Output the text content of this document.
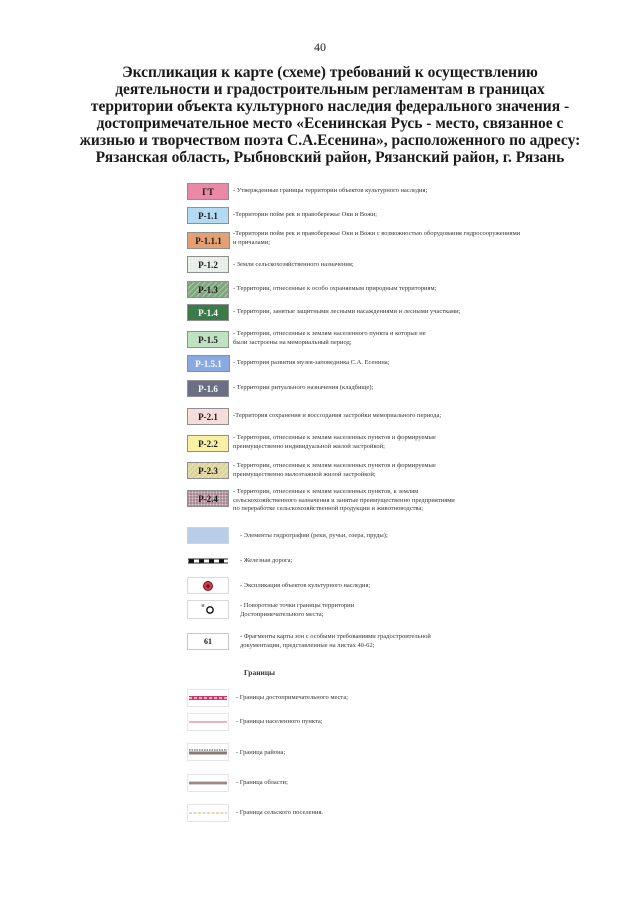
40
Экспликация к карте (схеме) требований к осуществлению деятельности и градостроительным регламентам в границах территории объекта культурного наследия федерального значения - достопримечательное место «Есенинская Русь - место, связанное с жизнью и творчеством поэта С.А.Есенина», расположенного по адресу: Рязанская область, Рыбновский район, Рязанский район, г. Рязань
ГТ	- Утвержденные границы территории объектов культурного наследия;
Р-1.1 -Территории пойм рек и правобережье Оки и Вожи;
Р-1.1.1
-Территории пойм рек и правобережье Оки и Вожи с возможностью оборудования гидросооружениями и причалами;
Р-1.2 - Земли сельскохозяйственного назначения;
Р-1.3 - Территории, отнесенные к особо охраняемым природным территориям;
Р-1.4 - Территории, занятые защитными лесными насаждениями и лесными участками;
Р-1.5
- Территории, отнесенные к землям населенного пункта и которые не были застроены на мемориальный период;
Р-1.5.1 - Территория развития музея-заповедника С.А. Есенина;
Р-1.6 - Территории ритуального назначения (кладбище);
Р-2.1 -Территория сохранения и воссоздания застройки мемориального периода;
Р-2.2
- Территории, отнесенные к землям населенных пунктов и формируемые преимущественно индивидуальной жилой застройкой;
Р-2.3 - Территории, отнесенные к землям населенных пунктов и формируемые преимущественно малоэтажной жилой застройкой;
Р-2.4
- Территории, отнесенные к землям населенных пунктов, к землям сельскохозяйственного назначения и занятые преимущественно предприятиями по переработке сельскохозяйственной продукции и животноводства;
- Элементы гидрографии (реки, ручьи, озера, пруды);
- Железная дорога;
- Экспликация объектов культурного наследия;
н	- Поворотные точки границы территории Достопримечательного места;
61
- Фрагменты карты зон с особыми требованиями градостроительной документации, представленные на листах 40-62;
Границы
- Границы достопримечательного места;
- Границы населенного пункта;
- Граница района;
- Граница области;
- Граница сельского поселения.
